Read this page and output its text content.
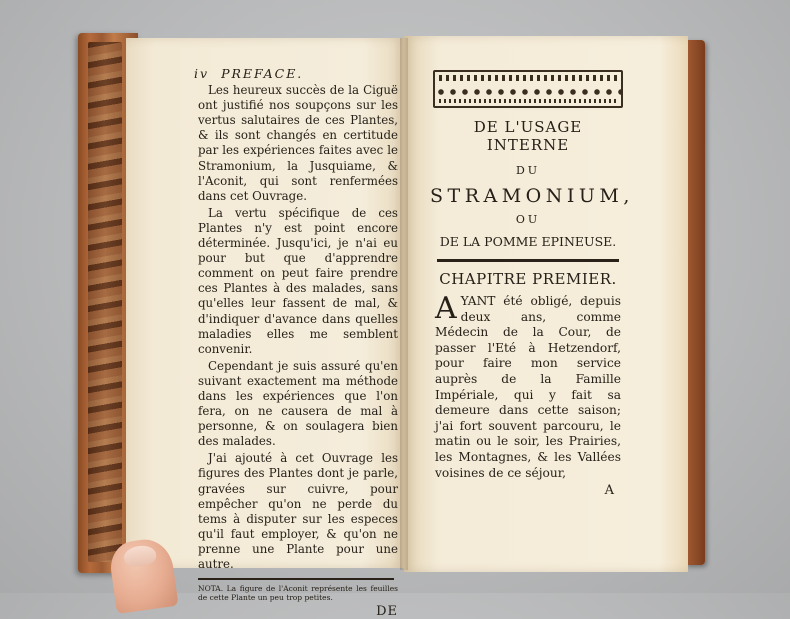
iv PREFACE.

Les heureux succès de la Ciguë ont justifié nos soupçons sur les vertus salutaires de ces Plantes, & ils sont changés en certitude par les expériences faites avec le Stramonium, la Jusquiame, & l'Aconit, qui sont renfermées dans cet Ouvrage.

La vertu spécifique de ces Plantes n'y est point encore déterminée. Jusqu'ici, je n'ai eu pour but que d'apprendre comment on peut faire prendre ces Plantes à des malades, sans qu'elles leur fassent de mal, & d'indiquer d'avance dans quelles maladies elles me semblent convenir.

Cependant je suis assuré qu'en suivant exactement ma méthode dans les expériences que l'on fera, on ne causera de mal à personne, & on soulagera bien des malades.

J'ai ajouté à cet Ouvrage les figures des Plantes dont je parle, gravées sur cuivre, pour empêcher qu'on ne perde du tems à disputer sur les especes qu'il faut employer, & qu'on ne prenne une Plante pour une autre.

NOTA. La figure de l'Aconit représente les feuilles de cette Plante un peu trop petites.

DE
DE L'USAGE INTERNE
DU
STRAMONIUM,
OU
DE LA POMME EPINEUSE.
CHAPITRE PREMIER.
A YANT été obligé, depuis deux ans, comme Médecin de la Cour, de passer l'Eté à Hetzendorf, pour faire mon service auprès de la Famille Impériale, qui y fait sa demeure dans cette saison; j'ai fort souvent parcouru, le matin ou le soir, les Prairies, les Montagnes, & les Vallées voisines de ce séjour,
A
